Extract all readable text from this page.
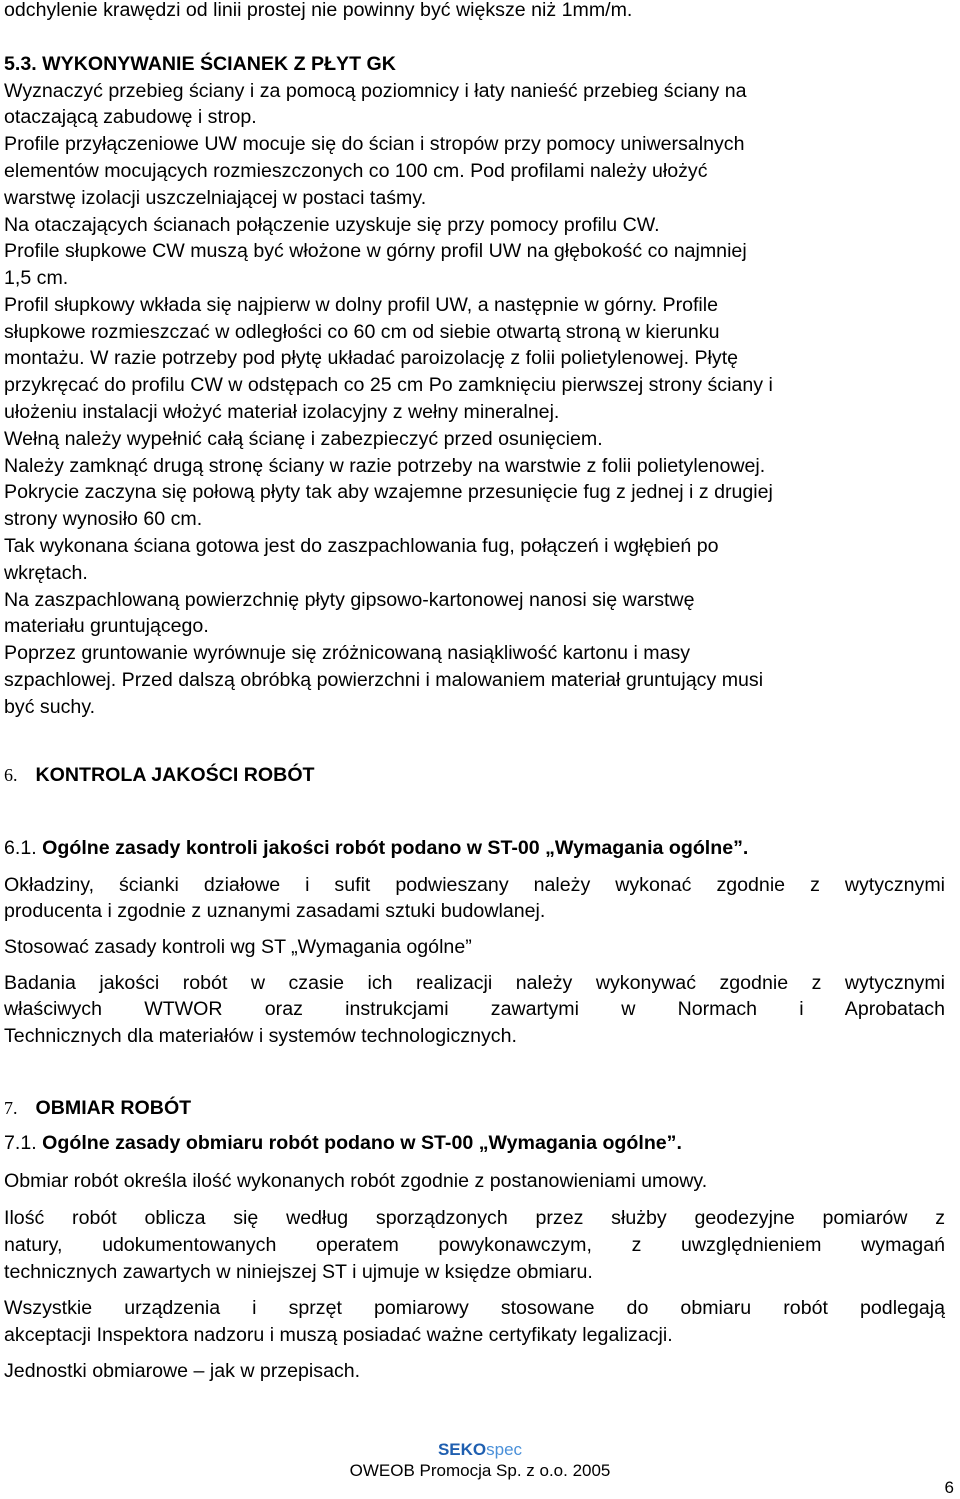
odchylenie krawędzi od linii prostej nie powinny być większe niż 1mm/m.
5.3. WYKONYWANIE ŚCIANEK Z PŁYT GK
Wyznaczyć przebieg ściany i za pomocą poziomnicy i łaty nanieść przebieg ściany na
otaczającą zabudowę i strop.
Profile przyłączeniowe UW mocuje się do ścian i stropów przy pomocy uniwersalnych
elementów mocujących rozmieszczonych co 100 cm. Pod profilami należy ułożyć
warstwę izolacji uszczelniającej w postaci taśmy.
Na otaczających ścianach połączenie uzyskuje się przy pomocy profilu CW.
Profile słupkowe CW muszą być włożone w górny profil UW na głębokość co najmniej
1,5 cm.
Profil słupkowy wkłada się najpierw w dolny profil UW, a następnie w górny. Profile
słupkowe rozmieszczać w odległości co 60 cm od siebie otwartą stroną w kierunku
montażu. W razie potrzeby pod płytę układać paroizolację z folii polietylenowej. Płytę
przykręcać do profilu CW w odstępach co 25 cm Po zamknięciu pierwszej strony ściany i
ułożeniu instalacji włożyć materiał izolacyjny z wełny mineralnej.
Wełną należy wypełnić całą ścianę i zabezpieczyć przed osunięciem.
Należy zamknąć drugą stronę ściany w razie potrzeby na warstwie z folii polietylenowej.
Pokrycie zaczyna się połową płyty tak aby wzajemne przesunięcie fug z jednej i z drugiej
strony wynosiło 60 cm.
Tak wykonana ściana gotowa jest do zaszpachlowania fug, połączeń i wgłębień po
wkrętach.
Na zaszpachlowaną powierzchnię płyty gipsowo-kartonowej nanosi się warstwę
materiału gruntującego.
Poprzez gruntowanie wyrównuje się zróżnicowaną nasiąkliwość kartonu i masy
szpachlowej. Przed dalszą obróbką powierzchni i malowaniem materiał gruntujący musi
być suchy.
6. KONTROLA JAKOŚCI ROBÓT
6.1. Ogólne zasady kontroli jakości robót podano w ST-00 „Wymagania ogólne”.
Okładziny, ścianki działowe i sufit podwieszany należy wykonać zgodnie z wytycznymi
producenta i zgodnie z uznanymi zasadami sztuki budowlanej.
Stosować zasady kontroli wg ST „Wymagania ogólne”
Badania jakości robót w czasie ich realizacji należy wykonywać zgodnie z wytycznymi
właściwych WTWOR oraz instrukcjami zawartymi w Normach i Aprobatach
Technicznych dla materiałów i systemów technologicznych.
7. OBMIAR ROBÓT
7.1. Ogólne zasady obmiaru robót podano w ST-00 „Wymagania ogólne”.
Obmiar robót określa ilość wykonanych robót zgodnie z postanowieniami umowy.
Ilość robót oblicza się według sporządzonych przez służby geodezyjne pomiarów z
natury, udokumentowanych operatem powykonawczym, z uwzględnieniem wymagań
technicznych zawartych w niniejszej ST i ujmuje w księdze obmiaru.
Wszystkie urządzenia i sprzęt pomiarowy stosowane do obmiaru robót podlegają
akceptacji Inspektora nadzoru i muszą posiadać ważne certyfikaty legalizacji.
Jednostki obmiarowe – jak w przepisach.
SEKOspec
OWEOB Promocja Sp. z o.o. 2005
6
